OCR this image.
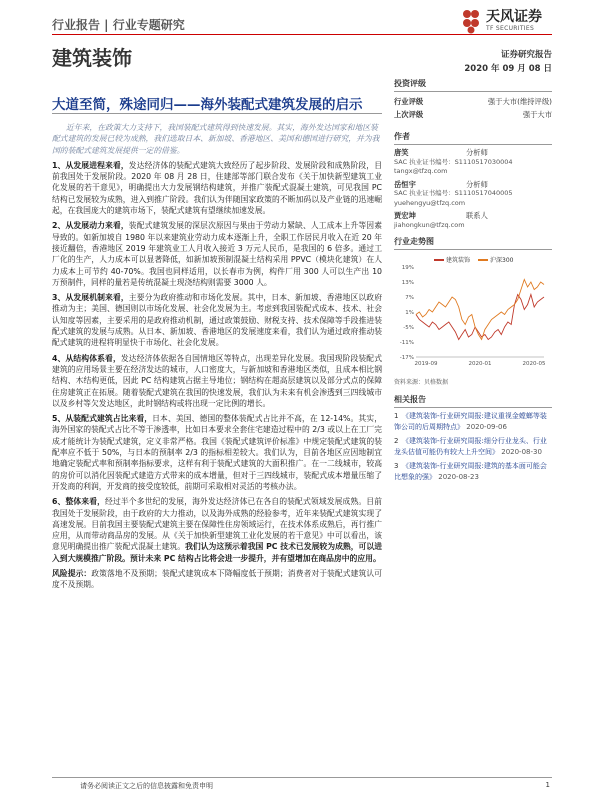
行业报告 | 行业专题研究	天风证券
TF SECURITIES
建筑装饰	证券研究报告
2020 年 09 月 08 日
大道至简，殊途同归——海外装配式建筑发展的启示

近年来，在政策大力支持下，我国装配式建筑得到快速发展。其实，海外发达国家和地区装配式建筑的发展已较为成熟，我们选取日本、新加坡、香港地区、美国和德国进行研究，并为我国的装配式建筑发展提供一定的借鉴。

1、从发展进程来看，发达经济体的装配式建筑大致经历了起步阶段、发展阶段和成熟阶段，目前我国处于发展阶段。2020 年 08 月 28 日，住建部等部门联合发布《关于加快新型建筑工业化发展的若干意见》，明确提出大力发展钢结构建筑，并推广装配式混凝土建筑，可见我国 PC 结构已发展较为成熟，进入到推广阶段。我们认为伴随国家政策的不断加码以及产业链的迅速崛起，在我国庞大的建筑市场下，装配式建筑有望继续加速发展。

2、从发展动力来看，装配式建筑发展的深层次原因与果由于劳动力紧缺、人工成本上升等因素导致的。如新加坡自 1980 年以来建筑业劳动力成本逐渐上升，全职工作居民月收入在近 20 年接近翻倍，香港地区 2019 年建筑业工人月收入接近 3 万元人民币，是我国的 6 倍多。通过工厂化的生产，人力成本可以显著降低，如新加坡预制混凝土结构采用 PPVC（模块化建筑）在人力成本上可节约 40-70%。我国也同样适用，以长春市为例，构件厂用 300 人可以生产出 10 万预制件，同样的量若是传统混凝土现浇结构则需要 3000 人。

3、从发展机制来看，主要分为政府推动和市场化发展。其中，日本、新加坡、香港地区以政府推动为主；美国、德国则以市场化发展、社会化发展为主。考虑到我国装配式成本、技术、社会认知度等因素，主要采用的是政府推动机制，通过政策鼓励、财税支持、技术保障等手段推进装配式建筑的发展与成熟。从日本、新加坡、香港地区的发展速度来看，我们认为通过政府推动装配式建筑的进程将明显快于市场化、社会化发展。

4、从结构体系看，发达经济体依据各自国情地区等特点，出现差异化发展。我国现阶段装配式建筑的应用场景主要在经济发达的城市，人口密度大，与新加坡和香港地区类似，且成本相比钢结构、木结构更低，因此 PC 结构建筑占据主导地位；钢结构在超高层建筑以及部分式点的保障住房建筑正在拓展。随着装配式建筑在我国的快速发展，我们认为未来有机会渗透到三四线城市以及乡村等欠发达地区，此时钢结构或将出现一定比例的增长。

5、从装配式建筑占比来看，日本、美国、德国的整体装配式占比并不高，在 12-14%。其实，海外国家的装配式占比不等于渗透率，比如日本要求全套住宅建造过程中的 2/3 或以上在工厂完成才能统计为装配式建筑，定义非常严格。我国《装配式建筑评价标准》中规定装配式建筑的装配率应不低于 50%，与日本的预制率 2/3 的指标相差较大。我们认为，目前各地区应因地制宜地确定装配式率和预制率指标要求，这样有利于装配式建筑的大面积推广。在一二线城市，较高的房价可以消化因装配式建造方式带来的成本增量，但对于三四线城市，装配式成本增量压缩了开发商的利润，开发商的接受度较低，前期可采取相对灵活的考核办法。

6、整体来看，经过半个多世纪的发展，海外发达经济体已在各自的装配式领域发展成熟。目前我国处于发展阶段，由于政府的大力推动，以及海外成熟的经验参考，近年来装配式建筑实现了高速发展。目前我国主要装配式建筑主要在保障性住房领域运行，在技术体系成熟后，再行推广应用，从而带动商品房的发展。从《关于加快新型建筑工业化发展的若干意见》中可以看出，该意见明确提出推广装配式混凝土建筑。我们认为这预示着我国 PC 技术已发展较为成熟，可以进入到大规模推广阶段。预计未来 PC 结构占比将会进一步提升，并有望增加在商品房中的应用。

风险提示：政策落地不及预期；装配式建筑成本下降幅度低于预期；消费者对于装配式建筑认可度不及预期。

投资评级
行业评级	强于大市(维持评级)
上次评级	强于大市
作者
唐笑	分析师
SAC 执业证书编号：S1110517030004
tangx@tfzq.com
岳恒宇	分析师
SAC 执业证书编号：S1110517040005
yuehengyu@tfzq.com
贾宏坤	联系人
jiahongkun@tfzq.com
行业走势图
建筑装饰	沪深300
19%
13%
7%
1%
-5%
-11%
-17%
2019-09	2020-01	2020-05
资料来源：贝格数据
相关报告
1 《建筑装饰-行业研究周报:建议重视金螳螂等装饰公司的后周期特点》 2020-09-06
2 《建筑装饰-行业研究周报:细分行业龙头、行业龙头估值可能仍有较大上升空间》 2020-08-30
3 《建筑装饰-行业研究周报:建筑的基本面可能会比想象的强》 2020-08-23
请务必阅读正文之后的信息披露和免责申明	1
